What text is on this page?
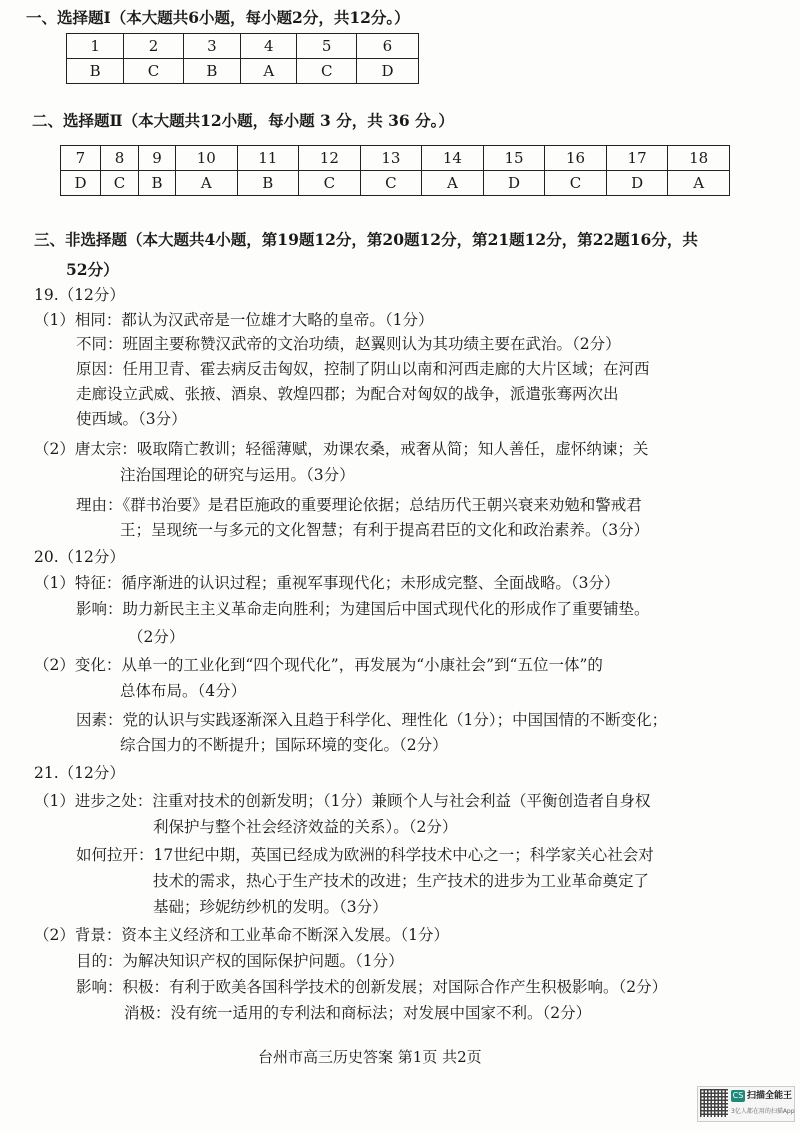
一、选择题Ⅰ（本大题共6小题，每小题2分，共12分。）
1	2	3	4	5	6
B	C	B	A	C	D
二、选择题Ⅱ（本大题共12小题，每小题 3 分，共 36 分。）
7	8	9	10	11	12	13	14	15	16	17	18
D	C	B	A	B	C	C	A	D	C	D	A
三、非选择题（本大题共4小题，第19题12分，第20题12分，第21题12分，第22题16分，共
52分）
19.（12分）
（1）相同：都认为汉武帝是一位雄才大略的皇帝。（1分）
不同：班固主要称赞汉武帝的文治功绩，赵翼则认为其功绩主要在武治。（2分）
原因：任用卫青、霍去病反击匈奴，控制了阴山以南和河西走廊的大片区域；在河西
走廊设立武威、张掖、酒泉、敦煌四郡；为配合对匈奴的战争，派遣张骞两次出
使西域。（3分）
（2）唐太宗：吸取隋亡教训；轻徭薄赋，劝课农桑，戒奢从简；知人善任，虚怀纳谏；关
注治国理论的研究与运用。（3分）
理由：《群书治要》是君臣施政的重要理论依据；总结历代王朝兴衰来劝勉和警戒君
王；呈现统一与多元的文化智慧；有利于提高君臣的文化和政治素养。（3分）
20.（12分）
（1）特征：循序渐进的认识过程；重视军事现代化；未形成完整、全面战略。（3分）
影响：助力新民主主义革命走向胜利；为建国后中国式现代化的形成作了重要铺垫。
（2分）
（2）变化：从单一的工业化到“四个现代化”，再发展为“小康社会”到“五位一体”的
总体布局。（4分）
因素：党的认识与实践逐渐深入且趋于科学化、理性化（1分）；中国国情的不断变化；
综合国力的不断提升；国际环境的变化。（2分）
21.（12分）
（1）进步之处：注重对技术的创新发明；（1分）兼顾个人与社会利益（平衡创造者自身权
利保护与整个社会经济效益的关系）。（2分）
如何拉开：17世纪中期，英国已经成为欧洲的科学技术中心之一；科学家关心社会对
技术的需求，热心于生产技术的改进；生产技术的进步为工业革命奠定了
基础；珍妮纺纱机的发明。（3分）
（2）背景：资本主义经济和工业革命不断深入发展。（1分）
目的：为解决知识产权的国际保护问题。（1分）
影响：积极：有利于欧美各国科学技术的创新发展；对国际合作产生积极影响。（2分）
消极：没有统一适用的专利法和商标法；对发展中国家不利。（2分）
台州市高三历史答案 第1页 共2页
CS 扫描全能王
3亿人都在用的扫描App
